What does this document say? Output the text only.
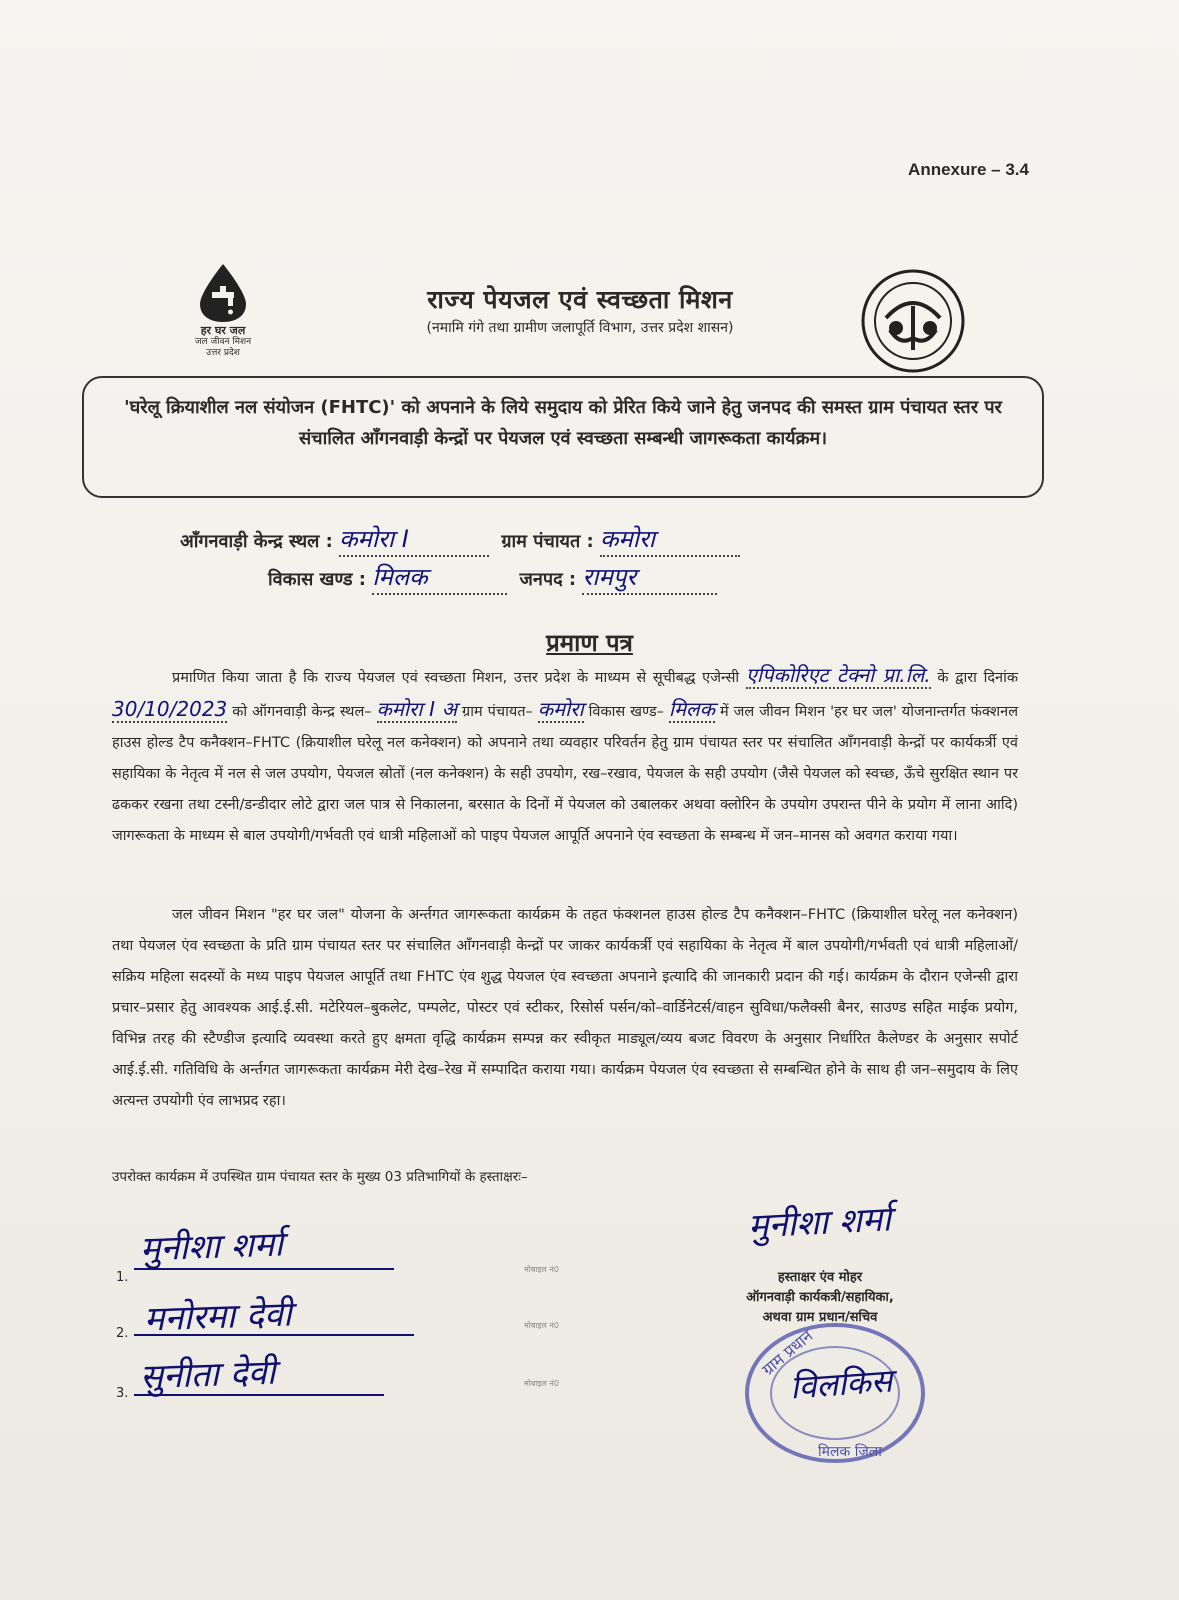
Annexure – 3.4
हर घर जल
जल जीवन मिशन
उत्तर प्रदेश
राज्य पेयजल एवं स्वच्छता मिशन
(नमामि गंगे तथा ग्रामीण जलापूर्ति विभाग, उत्तर प्रदेश शासन)
'घरेलू क्रियाशील नल संयोजन (FHTC)' को अपनाने के लिये समुदाय को प्रेरित किये जाने हेतु जनपद की समस्त ग्राम पंचायत स्तर पर संचालित आँगनवाड़ी केन्द्रों पर पेयजल एवं स्वच्छता सम्बन्धी जागरूकता कार्यक्रम।
आँगनवाड़ी केन्द्र स्थल : कमोरा I	ग्राम पंचायत : कमोरा
विकास खण्ड : मिलक	जनपद : रामपुर
प्रमाण पत्र
प्रमाणित किया जाता है कि राज्य पेयजल एवं स्वच्छता मिशन, उत्तर प्रदेश के माध्यम से सूचीबद्ध एजेन्सी एपिकोरिएट टेक्नो प्रा.लि. के द्वारा दिनांक 30/10/2023 को ऑगनवाड़ी केन्द्र स्थल– कमोरा I अ ग्राम पंचायत– कमोरा विकास खण्ड– मिलक में जल जीवन मिशन 'हर घर जल' योजनान्तर्गत फंक्शनल हाउस होल्ड टैप कनैक्शन–FHTC (क्रियाशील घरेलू नल कनेक्शन) को अपनाने तथा व्यवहार परिवर्तन हेतु ग्राम पंचायत स्तर पर संचालित आँगनवाड़ी केन्द्रों पर कार्यकर्त्री एवं सहायिका के नेतृत्व में नल से जल उपयोग, पेयजल स्रोतों (नल कनेक्शन) के सही उपयोग, रख–रखाव, पेयजल के सही उपयोग (जैसे पेयजल को स्वच्छ, ऊँचे सुरक्षित स्थान पर ढककर रखना तथा टस्नी/डन्डीदार लोटे द्वारा जल पात्र से निकालना, बरसात के दिनों में पेयजल को उबालकर अथवा क्लोरिन के उपयोग उपरान्त पीने के प्रयोग में लाना आदि) जागरूकता के माध्यम से बाल उपयोगी/गर्भवती एवं धात्री महिलाओं को पाइप पेयजल आपूर्ति अपनाने एंव स्वच्छता के सम्बन्ध में जन–मानस को अवगत कराया गया।
जल जीवन मिशन "हर घर जल" योजना के अर्न्तगत जागरूकता कार्यक्रम के तहत फंक्शनल हाउस होल्ड टैप कनैक्शन–FHTC (क्रियाशील घरेलू नल कनेक्शन) तथा पेयजल एंव स्वच्छता के प्रति ग्राम पंचायत स्तर पर संचालित आँगनवाड़ी केन्द्रों पर जाकर कार्यकर्त्री एवं सहायिका के नेतृत्व में बाल उपयोगी/गर्भवती एवं धात्री महिलाओं/सक्रिय महिला सदस्यों के मध्य पाइप पेयजल आपूर्ति तथा FHTC एंव शुद्ध पेयजल एंव स्वच्छता अपनाने इत्यादि की जानकारी प्रदान की गई। कार्यक्रम के दौरान एजेन्सी द्वारा प्रचार–प्रसार हेतु आवश्यक आई.ई.सी. मटेरियल–बुकलेट, पम्पलेट, पोस्टर एवं स्टीकर, रिसोर्स पर्सन/को–वार्डिनेटर्स/वाहन सुविधा/फलैक्सी बैनर, साउण्ड सहित माईक प्रयोग, विभिन्न तरह की स्टैण्डीज इत्यादि व्यवस्था करते हुए क्षमता वृद्धि कार्यक्रम सम्पन्न कर स्वीकृत माड्यूल/व्यय बजट विवरण के अनुसार निर्धारित कैलेण्डर के अनुसार सपोर्ट आई.ई.सी. गतिविधि के अर्न्तगत जागरूकता कार्यक्रम मेरी देख–रेख में सम्पादित कराया गया। कार्यक्रम पेयजल एंव स्वच्छता से सम्बन्धित होने के साथ ही जन–समुदाय के लिए अत्यन्त उपयोगी एंव लाभप्रद रहा।
उपरोक्त कार्यक्रम में उपस्थित ग्राम पंचायत स्तर के मुख्य 03 प्रतिभागियों के हस्ताक्षरः–
मुनीशा शर्मा
1.
मनोरमा देवी
2.
सुनीता देवी
3.
मोबाइल नं0
मोबाइल नं0
मोबाइल नं0
मुनीशा शर्मा
हस्ताक्षर एंव मोहर
ऑगनवाड़ी कार्यकत्री/सहायिका,
अथवा ग्राम प्रधान/सचिव
ग्राम प्रधान
मिलक जिला
विलकिस
